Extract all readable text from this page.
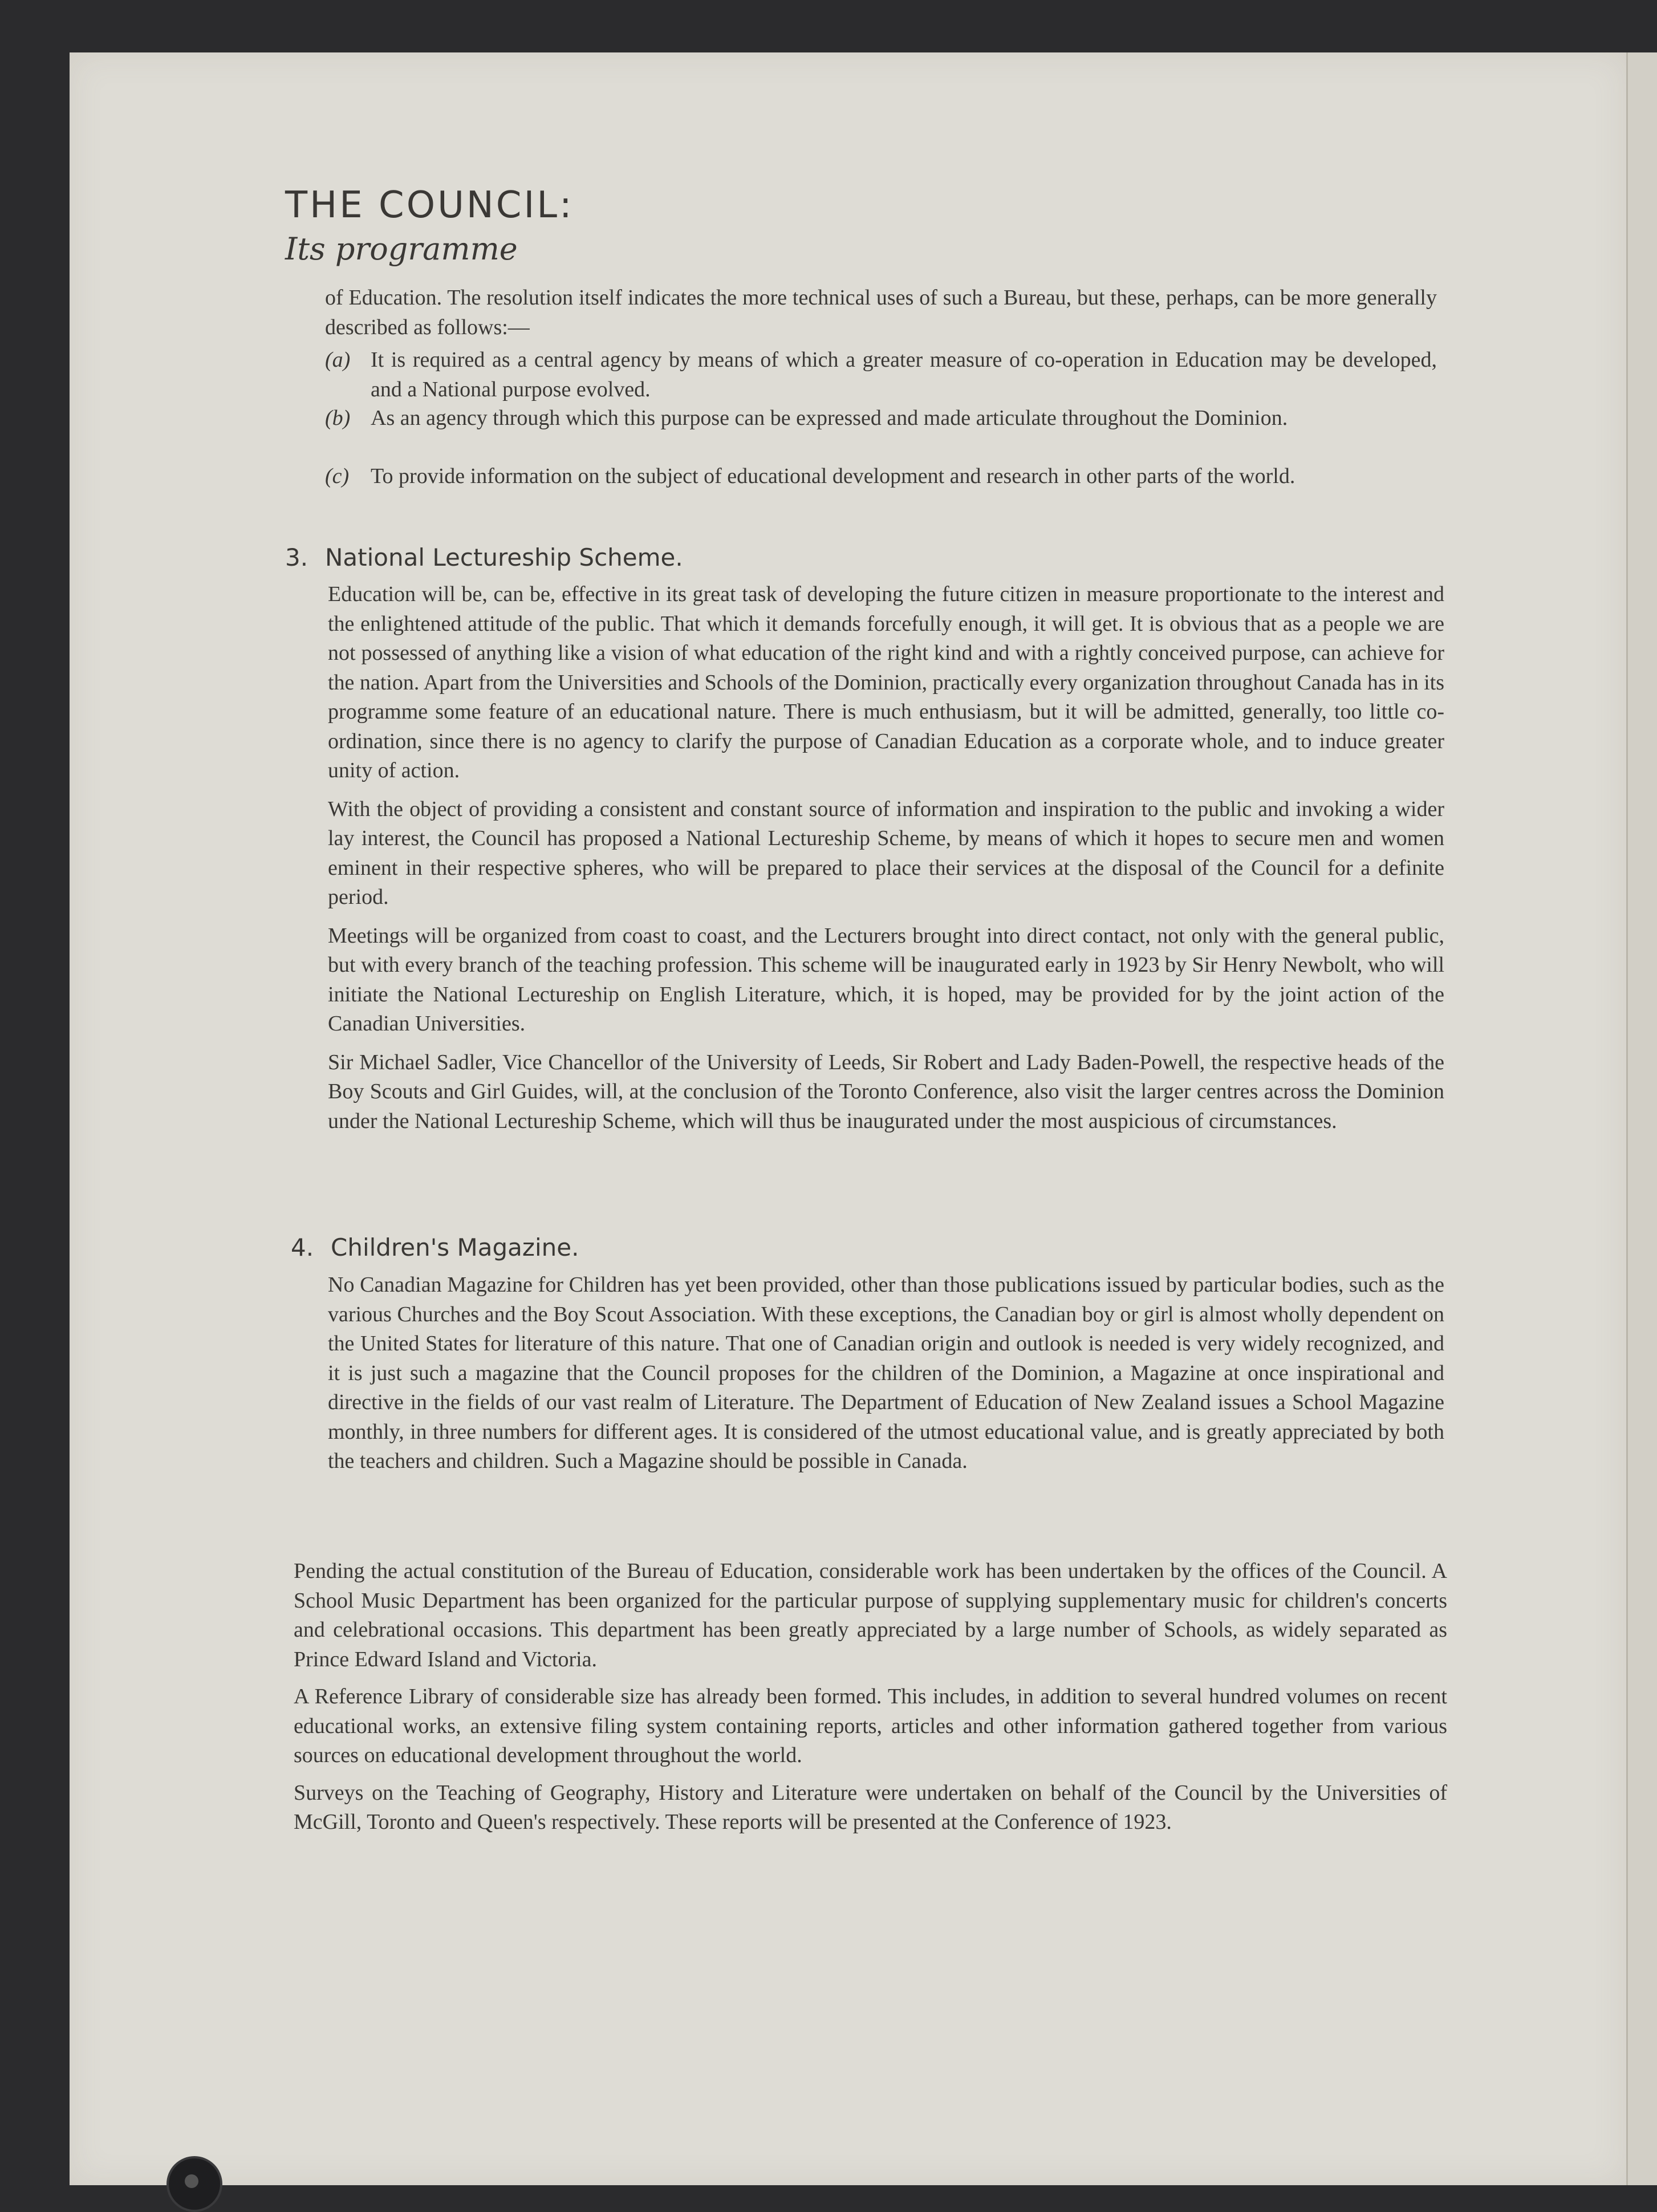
THE COUNCIL:
Its programme

of Education. The resolution itself indicates the more technical uses of such a Bureau, but these, perhaps, can be more generally described as follows:—

(a) It is required as a central agency by means of which a greater measure of co-operation in Education may be developed, and a National purpose evolved.
(b) As an agency through which this purpose can be expressed and made articulate throughout the Dominion.
(c) To provide information on the subject of educational development and research in other parts of the world.
3. National Lectureship Scheme.

Education will be, can be, effective in its great task of developing the future citizen in measure proportionate to the interest and the enlightened attitude of the public. That which it demands forcefully enough, it will get. It is obvious that as a people we are not possessed of anything like a vision of what education of the right kind and with a rightly conceived purpose, can achieve for the nation. Apart from the Universities and Schools of the Dominion, practically every organization throughout Canada has in its programme some feature of an educational nature. There is much enthusiasm, but it will be admitted, generally, too little co-ordination, since there is no agency to clarify the purpose of Canadian Education as a corporate whole, and to induce greater unity of action.

With the object of providing a consistent and constant source of information and inspiration to the public and invoking a wider lay interest, the Council has proposed a National Lectureship Scheme, by means of which it hopes to secure men and women eminent in their respective spheres, who will be prepared to place their services at the disposal of the Council for a definite period.

Meetings will be organized from coast to coast, and the Lecturers brought into direct contact, not only with the general public, but with every branch of the teaching profession. This scheme will be inaugurated early in 1923 by Sir Henry Newbolt, who will initiate the National Lectureship on English Literature, which, it is hoped, may be provided for by the joint action of the Canadian Universities.

Sir Michael Sadler, Vice Chancellor of the University of Leeds, Sir Robert and Lady Baden-Powell, the respective heads of the Boy Scouts and Girl Guides, will, at the conclusion of the Toronto Conference, also visit the larger centres across the Dominion under the National Lectureship Scheme, which will thus be inaugurated under the most auspicious of circumstances.

4. Children's Magazine.

No Canadian Magazine for Children has yet been provided, other than those publications issued by particular bodies, such as the various Churches and the Boy Scout Association. With these exceptions, the Canadian boy or girl is almost wholly dependent on the United States for literature of this nature. That one of Canadian origin and outlook is needed is very widely recognized, and it is just such a magazine that the Council proposes for the children of the Dominion, a Magazine at once inspirational and directive in the fields of our vast realm of Literature. The Department of Education of New Zealand issues a School Magazine monthly, in three numbers for different ages. It is considered of the utmost educational value, and is greatly appreciated by both the teachers and children. Such a Magazine should be possible in Canada.

Pending the actual constitution of the Bureau of Education, considerable work has been undertaken by the offices of the Council. A School Music Department has been organized for the particular purpose of supplying supplementary music for children's concerts and celebrational occasions. This department has been greatly appreciated by a large number of Schools, as widely separated as Prince Edward Island and Victoria.

A Reference Library of considerable size has already been formed. This includes, in addition to several hundred volumes on recent educational works, an extensive filing system containing reports, articles and other information gathered together from various sources on educational development throughout the world.

Surveys on the Teaching of Geography, History and Literature were undertaken on behalf of the Council by the Universities of McGill, Toronto and Queen's respectively. These reports will be presented at the Conference of 1923.
